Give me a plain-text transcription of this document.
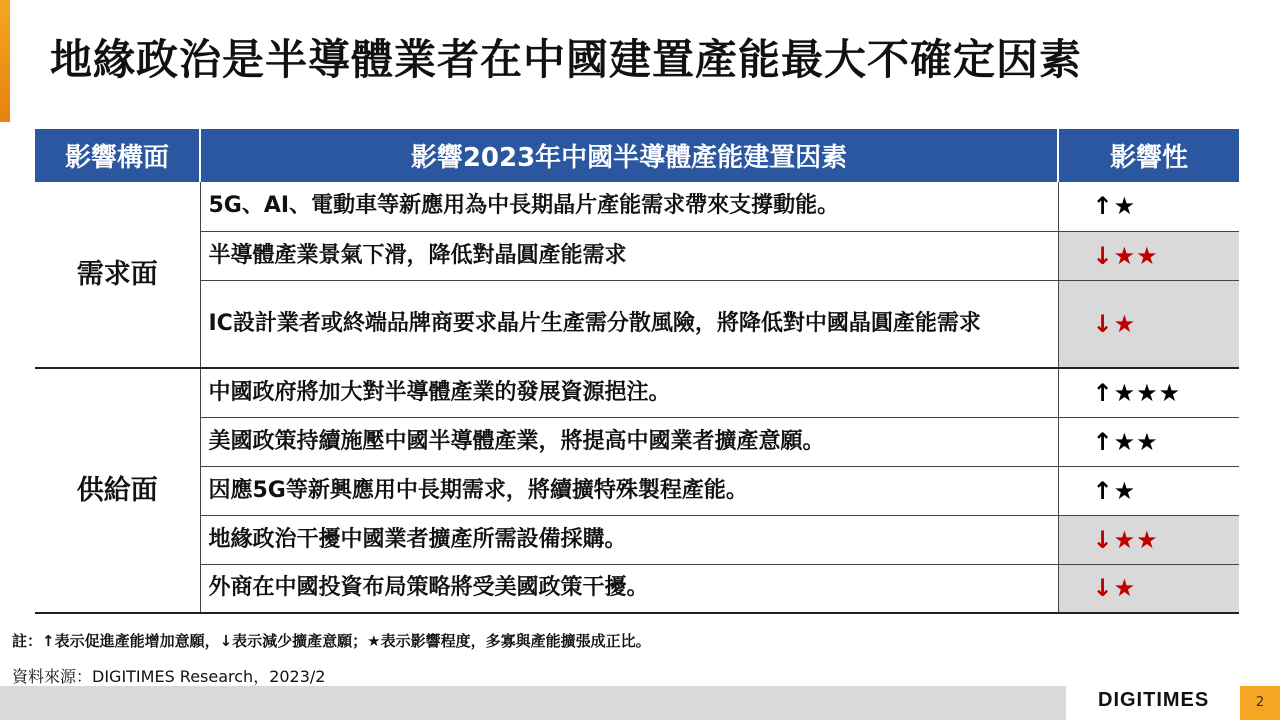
地緣政治是半導體業者在中國建置產能最大不確定因素
影響構面	影響2023年中國半導體產能建置因素	影響性
需求面	5G、AI、電動車等新應用為中長期晶片產能需求帶來支撐動能。	↑★
	半導體產業景氣下滑，降低對晶圓產能需求	↓★★
	IC設計業者或終端品牌商要求晶片生產需分散風險，將降低對中國晶圓產能需求	↓★
供給面	中國政府將加大對半導體產業的發展資源挹注。	↑★★★
	美國政策持續施壓中國半導體產業，將提高中國業者擴產意願。	↑★★
	因應5G等新興應用中長期需求，將續擴特殊製程產能。	↑★
	地緣政治干擾中國業者擴產所需設備採購。	↓★★
	外商在中國投資布局策略將受美國政策干擾。	↓★
註：↑表示促進產能增加意願，↓表示減少擴產意願；★表示影響程度，多寡與產能擴張成正比。
資料來源：DIGITIMES Research，2023/2
DIGITIMES	2
